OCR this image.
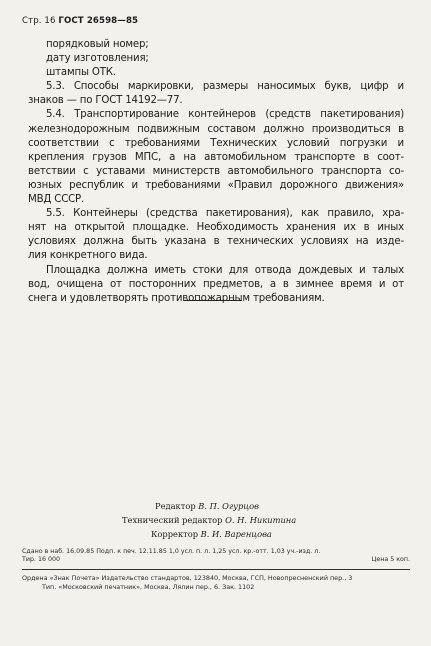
Стр. 16 ГОСТ 26598—85
порядковый номер;
дату изготовления;
штампы ОТК.
5.3. Способы маркировки, размеры наносимых букв, цифр и
знаков — по ГОСТ 14192—77.
5.4. Транспортирование контейнеров (средств пакетирования)
железнодорожным подвижным составом должно производиться в
соответствии с требованиями Технических условий погрузки и
крепления грузов МПС, а на автомобильном транспорте в соот-
ветствии с уставами министерств автомобильного транспорта со-
юзных республик и требованиями «Правил дорожного движения»
МВД СССР.
5.5. Контейнеры (средства пакетирования), как правило, хра-
нят на открытой площадке. Необходимость хранения их в иных
условиях должна быть указана в технических условиях на изде-
лия конкретного вида.
Площадка должна иметь стоки для отвода дождевых и талых
вод, очищена от посторонних предметов, а в зимнее время и от
снега и удовлетворять противопожарным требованиям.
Редактор В. П. Огурцов
Технический редактор О. Н. Никитина
Корректор В. И. Варенцова
Сдано в наб. 16.09.85 Подп. к печ. 12.11.85 1,0 усл. п. л. 1,25 усл. кр.-отт. 1,03 уч.-изд. л.
Тир. 16 000	Цена 5 коп.
Ордена «Знак Почета» Издательство стандартов, 123840, Москва, ГСП, Новопресненский пер., 3
Тип. «Московский печатник», Москва, Лялин пер., 6. Зак. 1102
